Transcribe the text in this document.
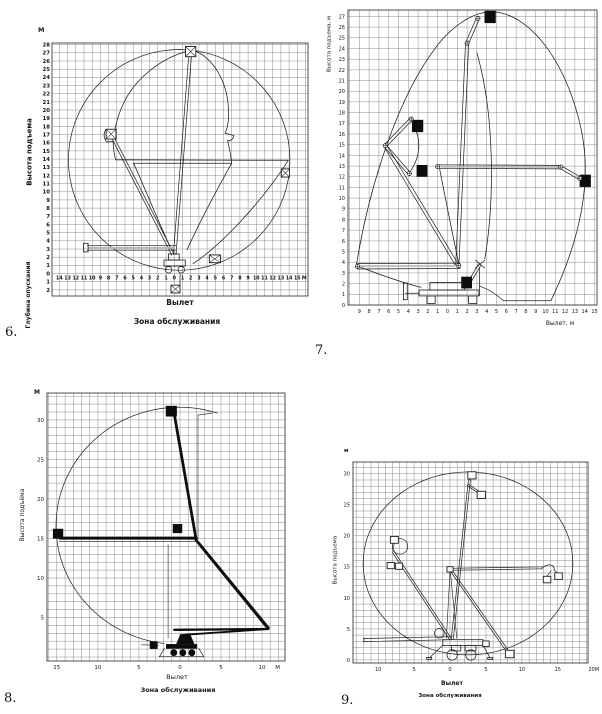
14 13 12 11 10 9 8 7 6 5 4 3 2 1 0 1 2 3 4 5 6 7 8 9 10 11 12 13 14 15 М
28
27
26
25
24
23
22
21
20
19
18
17
16
15
14
13
12
11
10
9
8
7
6
5
4
3
2
1
0
1
2
9 8 7 6 5 4 3 2 1 0 1 2 3 4 5 6 7 8 9 10 11 12 13 14 15
27
26
25
24
23
22
21
20
19
18
17
16
15
14
13
12
11
10
9
8
7
6
5
4
3
2
1
0
15	10	5	0	5	10 М
30
25
20
15
10
5
10	5	0	5	10	15	20М
30
25
20
15
10
5
0
М
Высота подъема
Глубина опускания	Вылет
Зона обслуживания
6.
Высота подъема, м
Вылет, м
7.
М
Высота подъёма
Вылет
Зона обслуживания
8.
м
Высота подъема
Вылет
Зона обслуживания
9.
